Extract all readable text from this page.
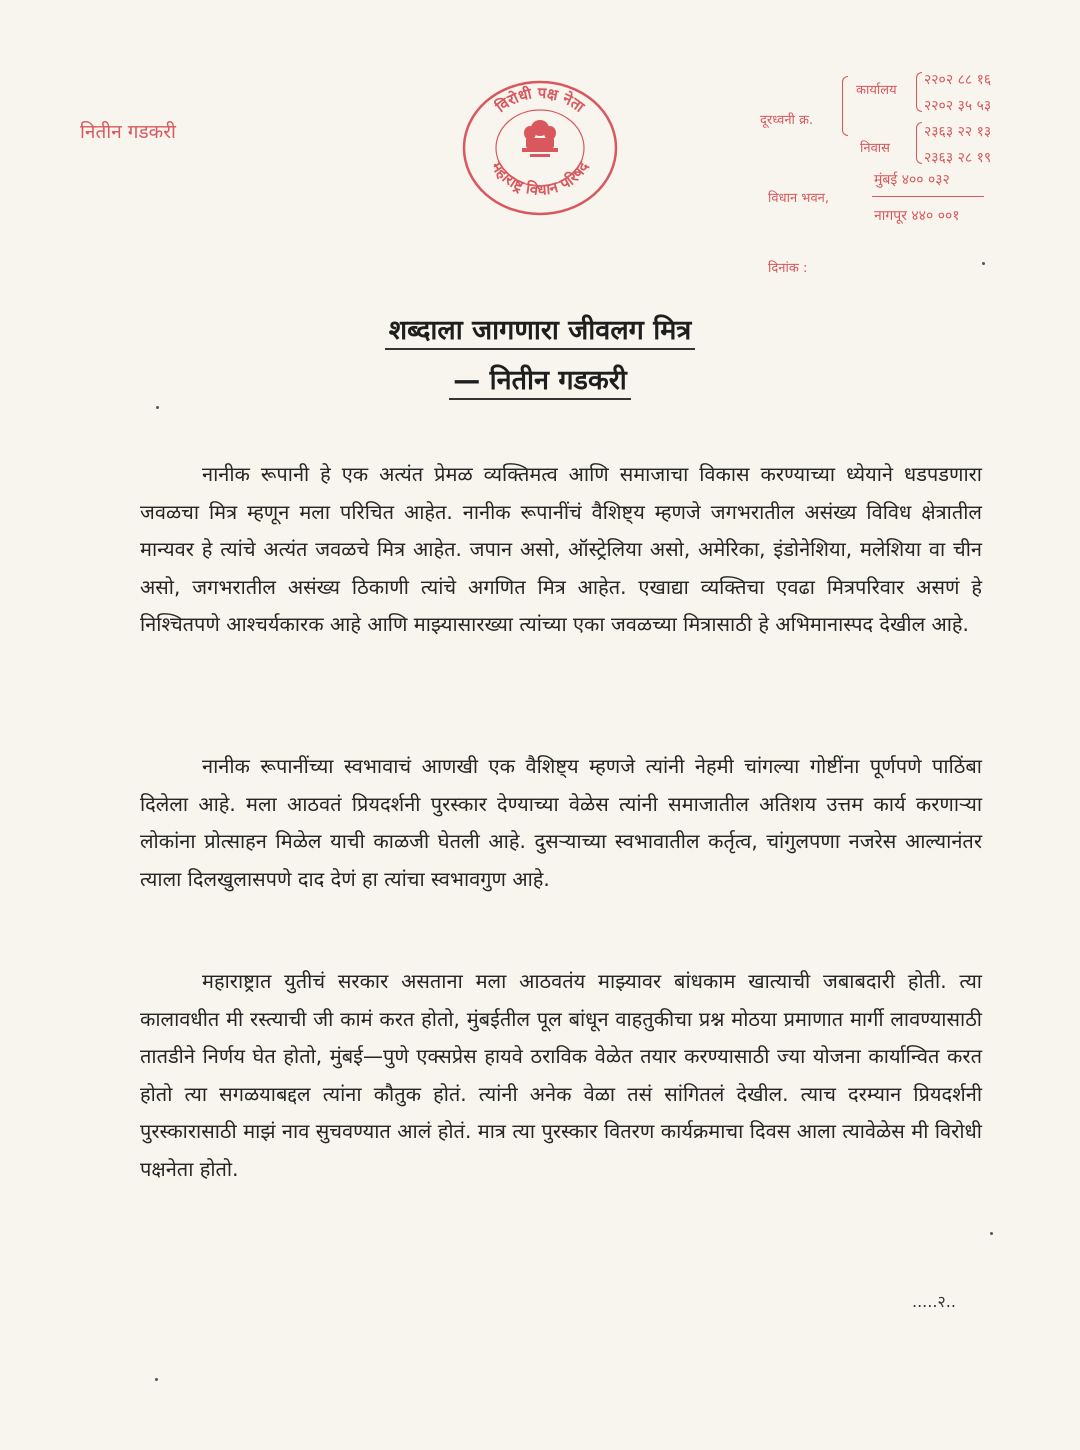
नितीन गडकरी
विरोधी पक्ष नेता
महाराष्ट्र विधान परिषद
दूरध्वनी क्र.
कार्यालय
२२०२ ८८ १६
२२०२ ३५ ५३
निवास
२३६३ २२ १३
२३६३ २८ १९
मुंबई ४०० ०३२
विधान भवन,
नागपूर ४४० ००१
दिनांक :
शब्दाला जागणारा जीवलग मित्र
— नितीन गडकरी

नानीक रूपानी हे एक अत्यंत प्रेमळ व्यक्तिमत्व आणि समाजाचा विकास करण्याच्या ध्येयाने धडपडणारा जवळचा मित्र म्हणून मला परिचित आहेत. नानीक रूपानींचं वैशिष्ट्य म्हणजे जगभरातील असंख्य विविध क्षेत्रातील मान्यवर हे त्यांचे अत्यंत जवळचे मित्र आहेत. जपान असो, ऑस्ट्रेलिया असो, अमेरिका, इंडोनेशिया, मलेशिया वा चीन असो, जगभरातील असंख्य ठिकाणी त्यांचे अगणित मित्र आहेत. एखाद्या व्यक्तिचा एवढा मित्रपरिवार असणं हे निश्चितपणे आश्चर्यकारक आहे आणि माझ्यासारख्या त्यांच्या एका जवळच्या मित्रासाठी हे अभिमानास्पद देखील आहे.

नानीक रूपानींच्या स्वभावाचं आणखी एक वैशिष्ट्य म्हणजे त्यांनी नेहमी चांगल्या गोष्टींना पूर्णपणे पाठिंबा दिलेला आहे. मला आठवतं प्रियदर्शनी पुरस्कार देण्याच्या वेळेस त्यांनी समाजातील अतिशय उत्तम कार्य करणाऱ्या लोकांना प्रोत्साहन मिळेल याची काळजी घेतली आहे. दुसऱ्याच्या स्वभावातील कर्तृत्व, चांगुलपणा नजरेस आल्यानंतर त्याला दिलखुलासपणे दाद देणं हा त्यांचा स्वभावगुण आहे.

महाराष्ट्रात युतीचं सरकार असताना मला आठवतंय माझ्यावर बांधकाम खात्याची जबाबदारी होती. त्या कालावधीत मी रस्त्याची जी कामं करत होतो, मुंबईतील पूल बांधून वाहतुकीचा प्रश्न मोठया प्रमाणात मार्गी लावण्यासाठी तातडीने निर्णय घेत होतो, मुंबई—पुणे एक्सप्रेस हायवे ठराविक वेळेत तयार करण्यासाठी ज्या योजना कार्यान्वित करत होतो त्या सगळयाबद्दल त्यांना कौतुक होतं. त्यांनी अनेक वेळा तसं सांगितलं देखील. त्याच दरम्यान प्रियदर्शनी पुरस्कारासाठी माझं नाव सुचवण्यात आलं होतं. मात्र त्या पुरस्कार वितरण कार्यक्रमाचा दिवस आला त्यावेळेस मी विरोधी पक्षनेता होतो.

.....२..
